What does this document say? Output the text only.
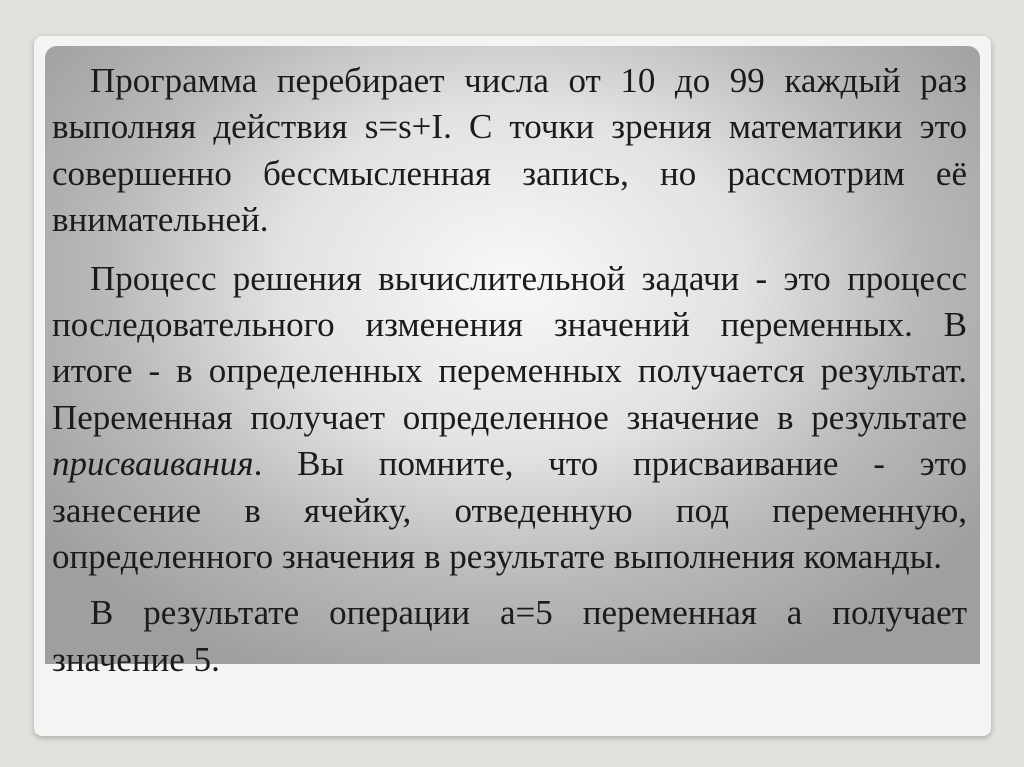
Программа перебирает числа от 10 до 99 каждый раз выполняя действия s=s+I. С точки зрения математики это совершенно бессмысленная запись, но рассмотрим её внимательней.

Процесс решения вычислительной задачи - это процесс последовательного изменения значений переменных. В итоге - в определенных переменных получается результат. Переменная получает определенное значение в результате присваивания. Вы помните, что присваивание - это занесение в ячейку, отведенную под переменную, определенного значения в результате выполнения команды.

В результате операции а=5 переменная а получает значение 5.
